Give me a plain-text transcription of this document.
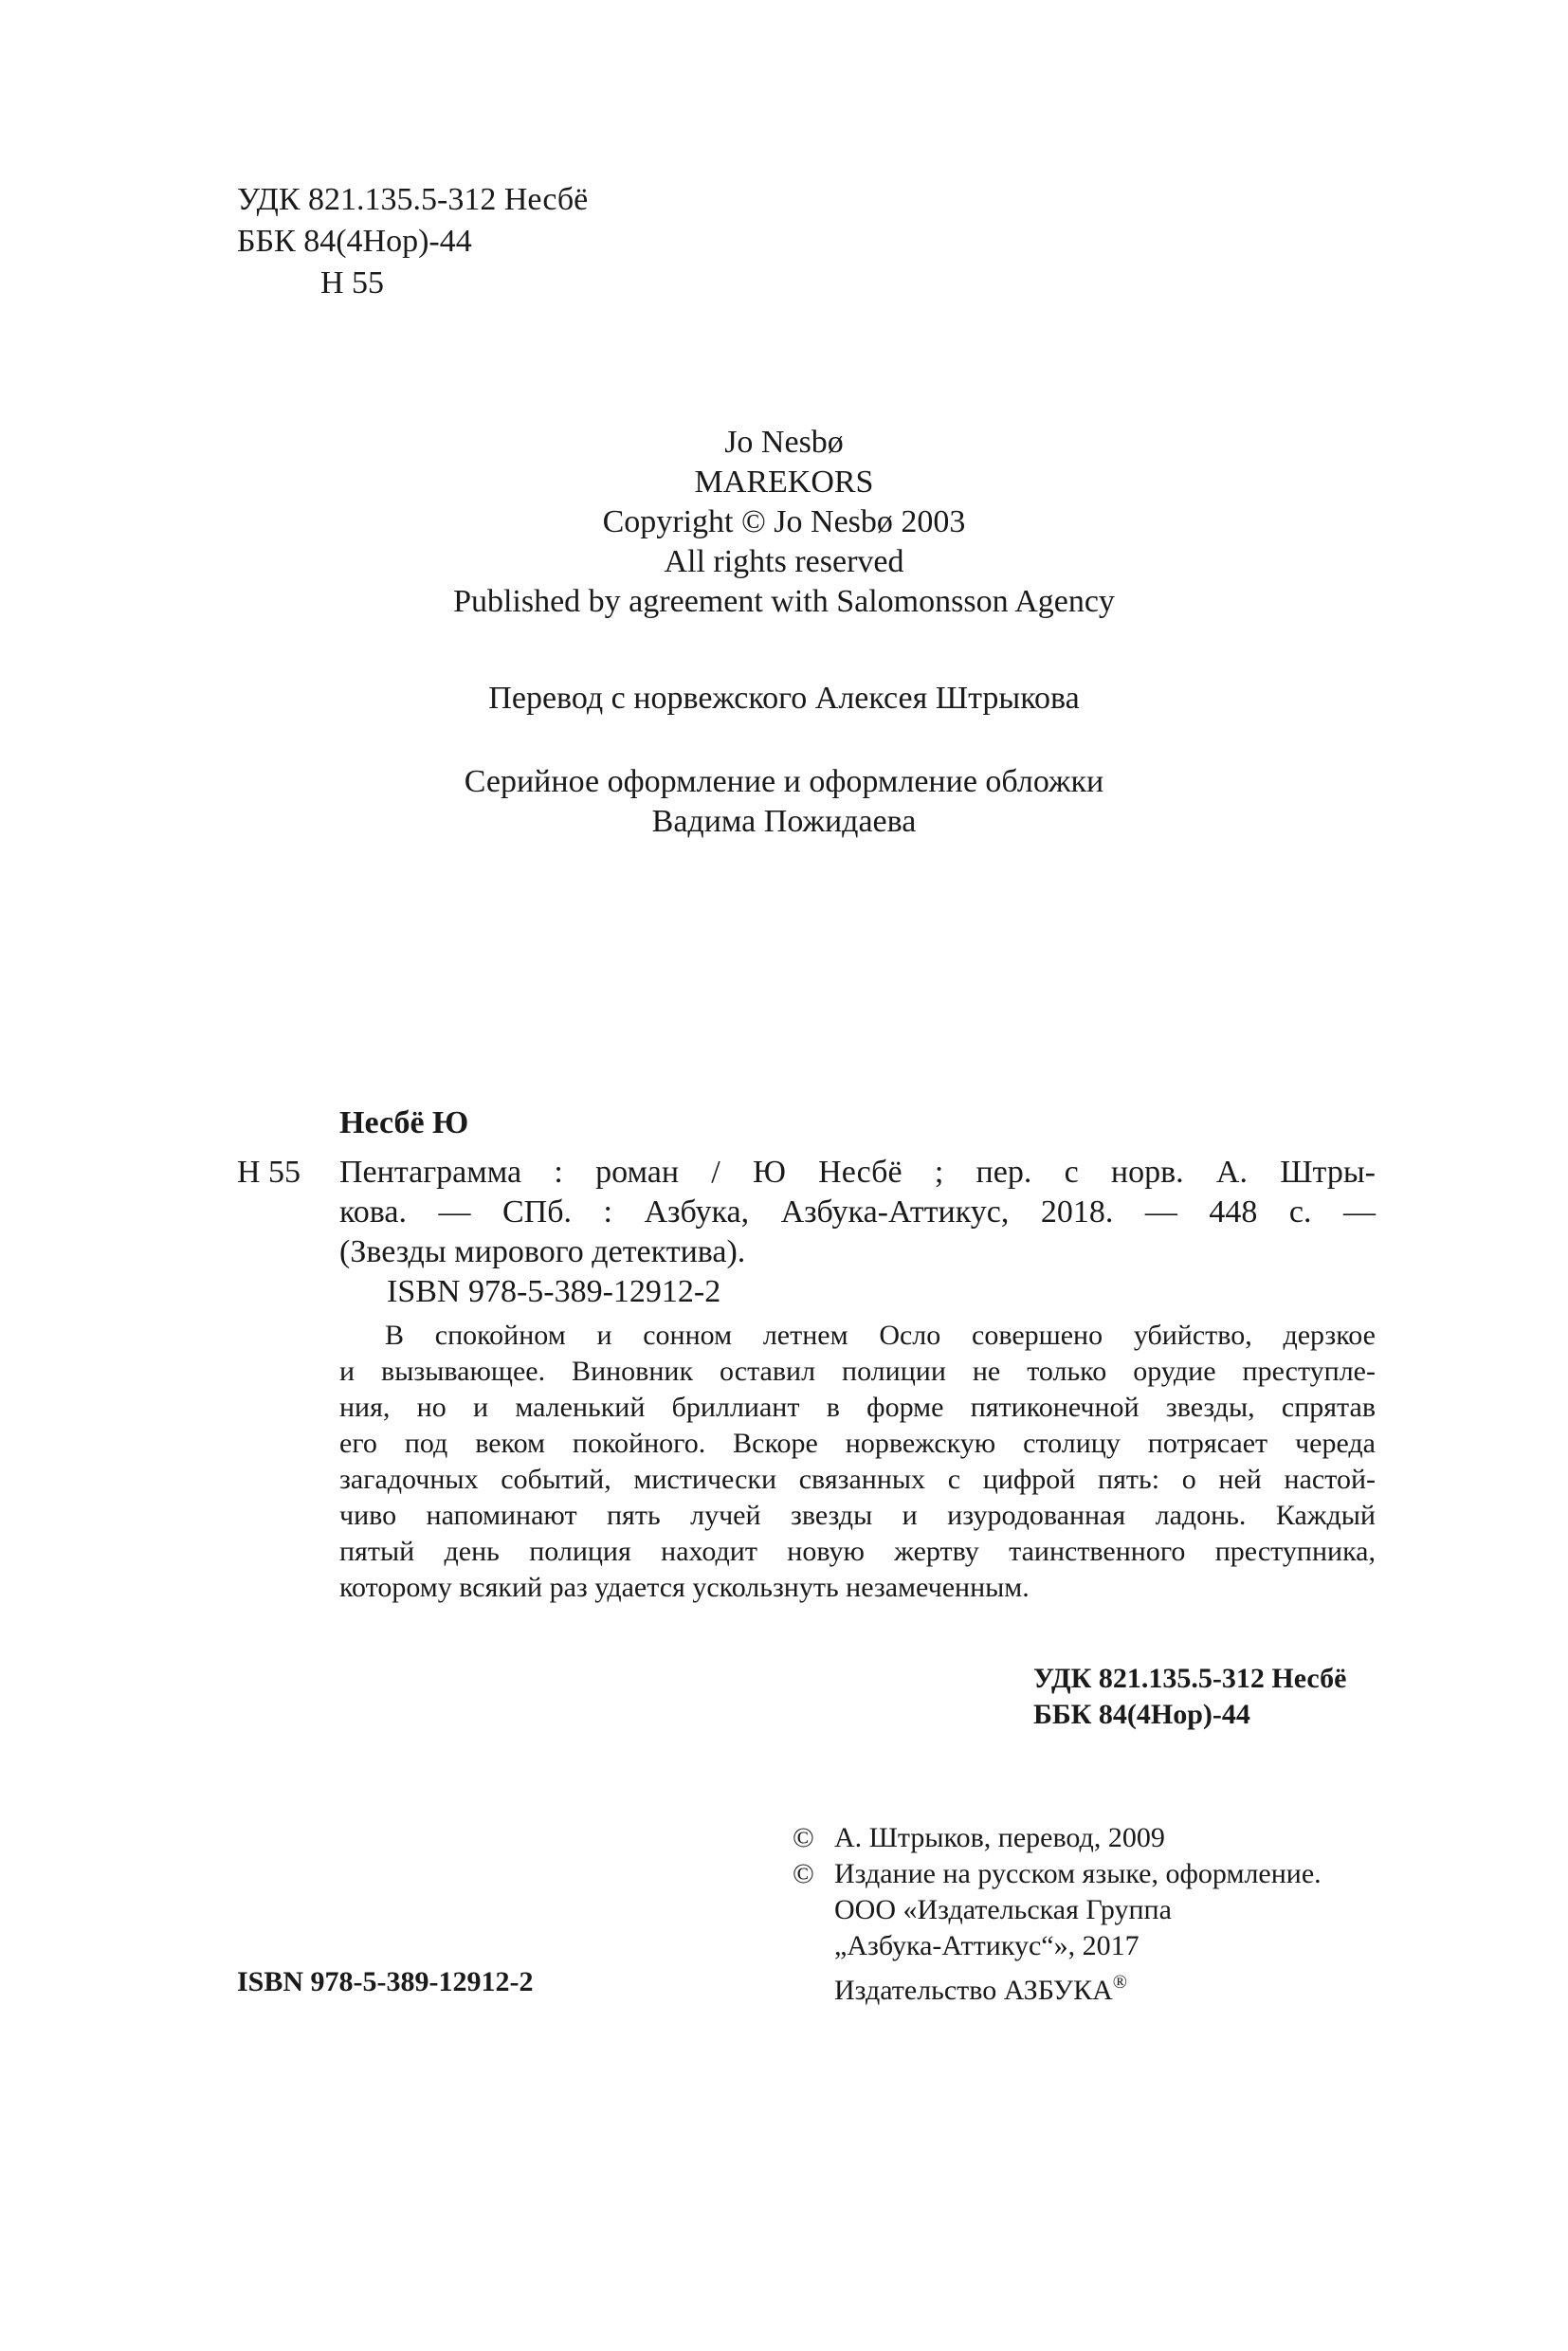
УДК 821.135.5-312 Несбё
ББК 84(4Нор)-44
Н 55
Jo Nesbø
MAREKORS
Copyright © Jo Nesbø 2003
All rights reserved
Published by agreement with Salomonsson Agency
Перевод с норвежского Алексея Штрыкова
Серийное оформление и оформление обложки
Вадима Пожидаева
Несбё Ю
Н 55 Пентаграмма : роман / Ю Несбё ; пер. с норв. А. Штры-
кова. — СПб. : Азбука, Азбука-Аттикус, 2018. — 448 с. —
(Звезды мирового детектива).
ISBN 978-5-389-12912-2
В спокойном и сонном летнем Осло совершено убийство, дерзкое
и вызывающее. Виновник оставил полиции не только орудие преступле-
ния, но и маленький бриллиант в форме пятиконечной звезды, спрятав
его под веком покойного. Вскоре норвежскую столицу потрясает череда
загадочных событий, мистически связанных с цифрой пять: о ней настой-
чиво напоминают пять лучей звезды и изуродованная ладонь. Каждый
пятый день полиция находит новую жертву таинственного преступника,
которому всякий раз удается ускользнуть незамеченным.
УДК 821.135.5-312 Несбё
ББК 84(4Нор)-44
© А. Штрыков, перевод, 2009
© Издание на русском языке, оформление.
ООО «Издательская Группа
„Азбука-Аттикус“», 2017
Издательство АЗБУКА®
ISBN 978-5-389-12912-2
